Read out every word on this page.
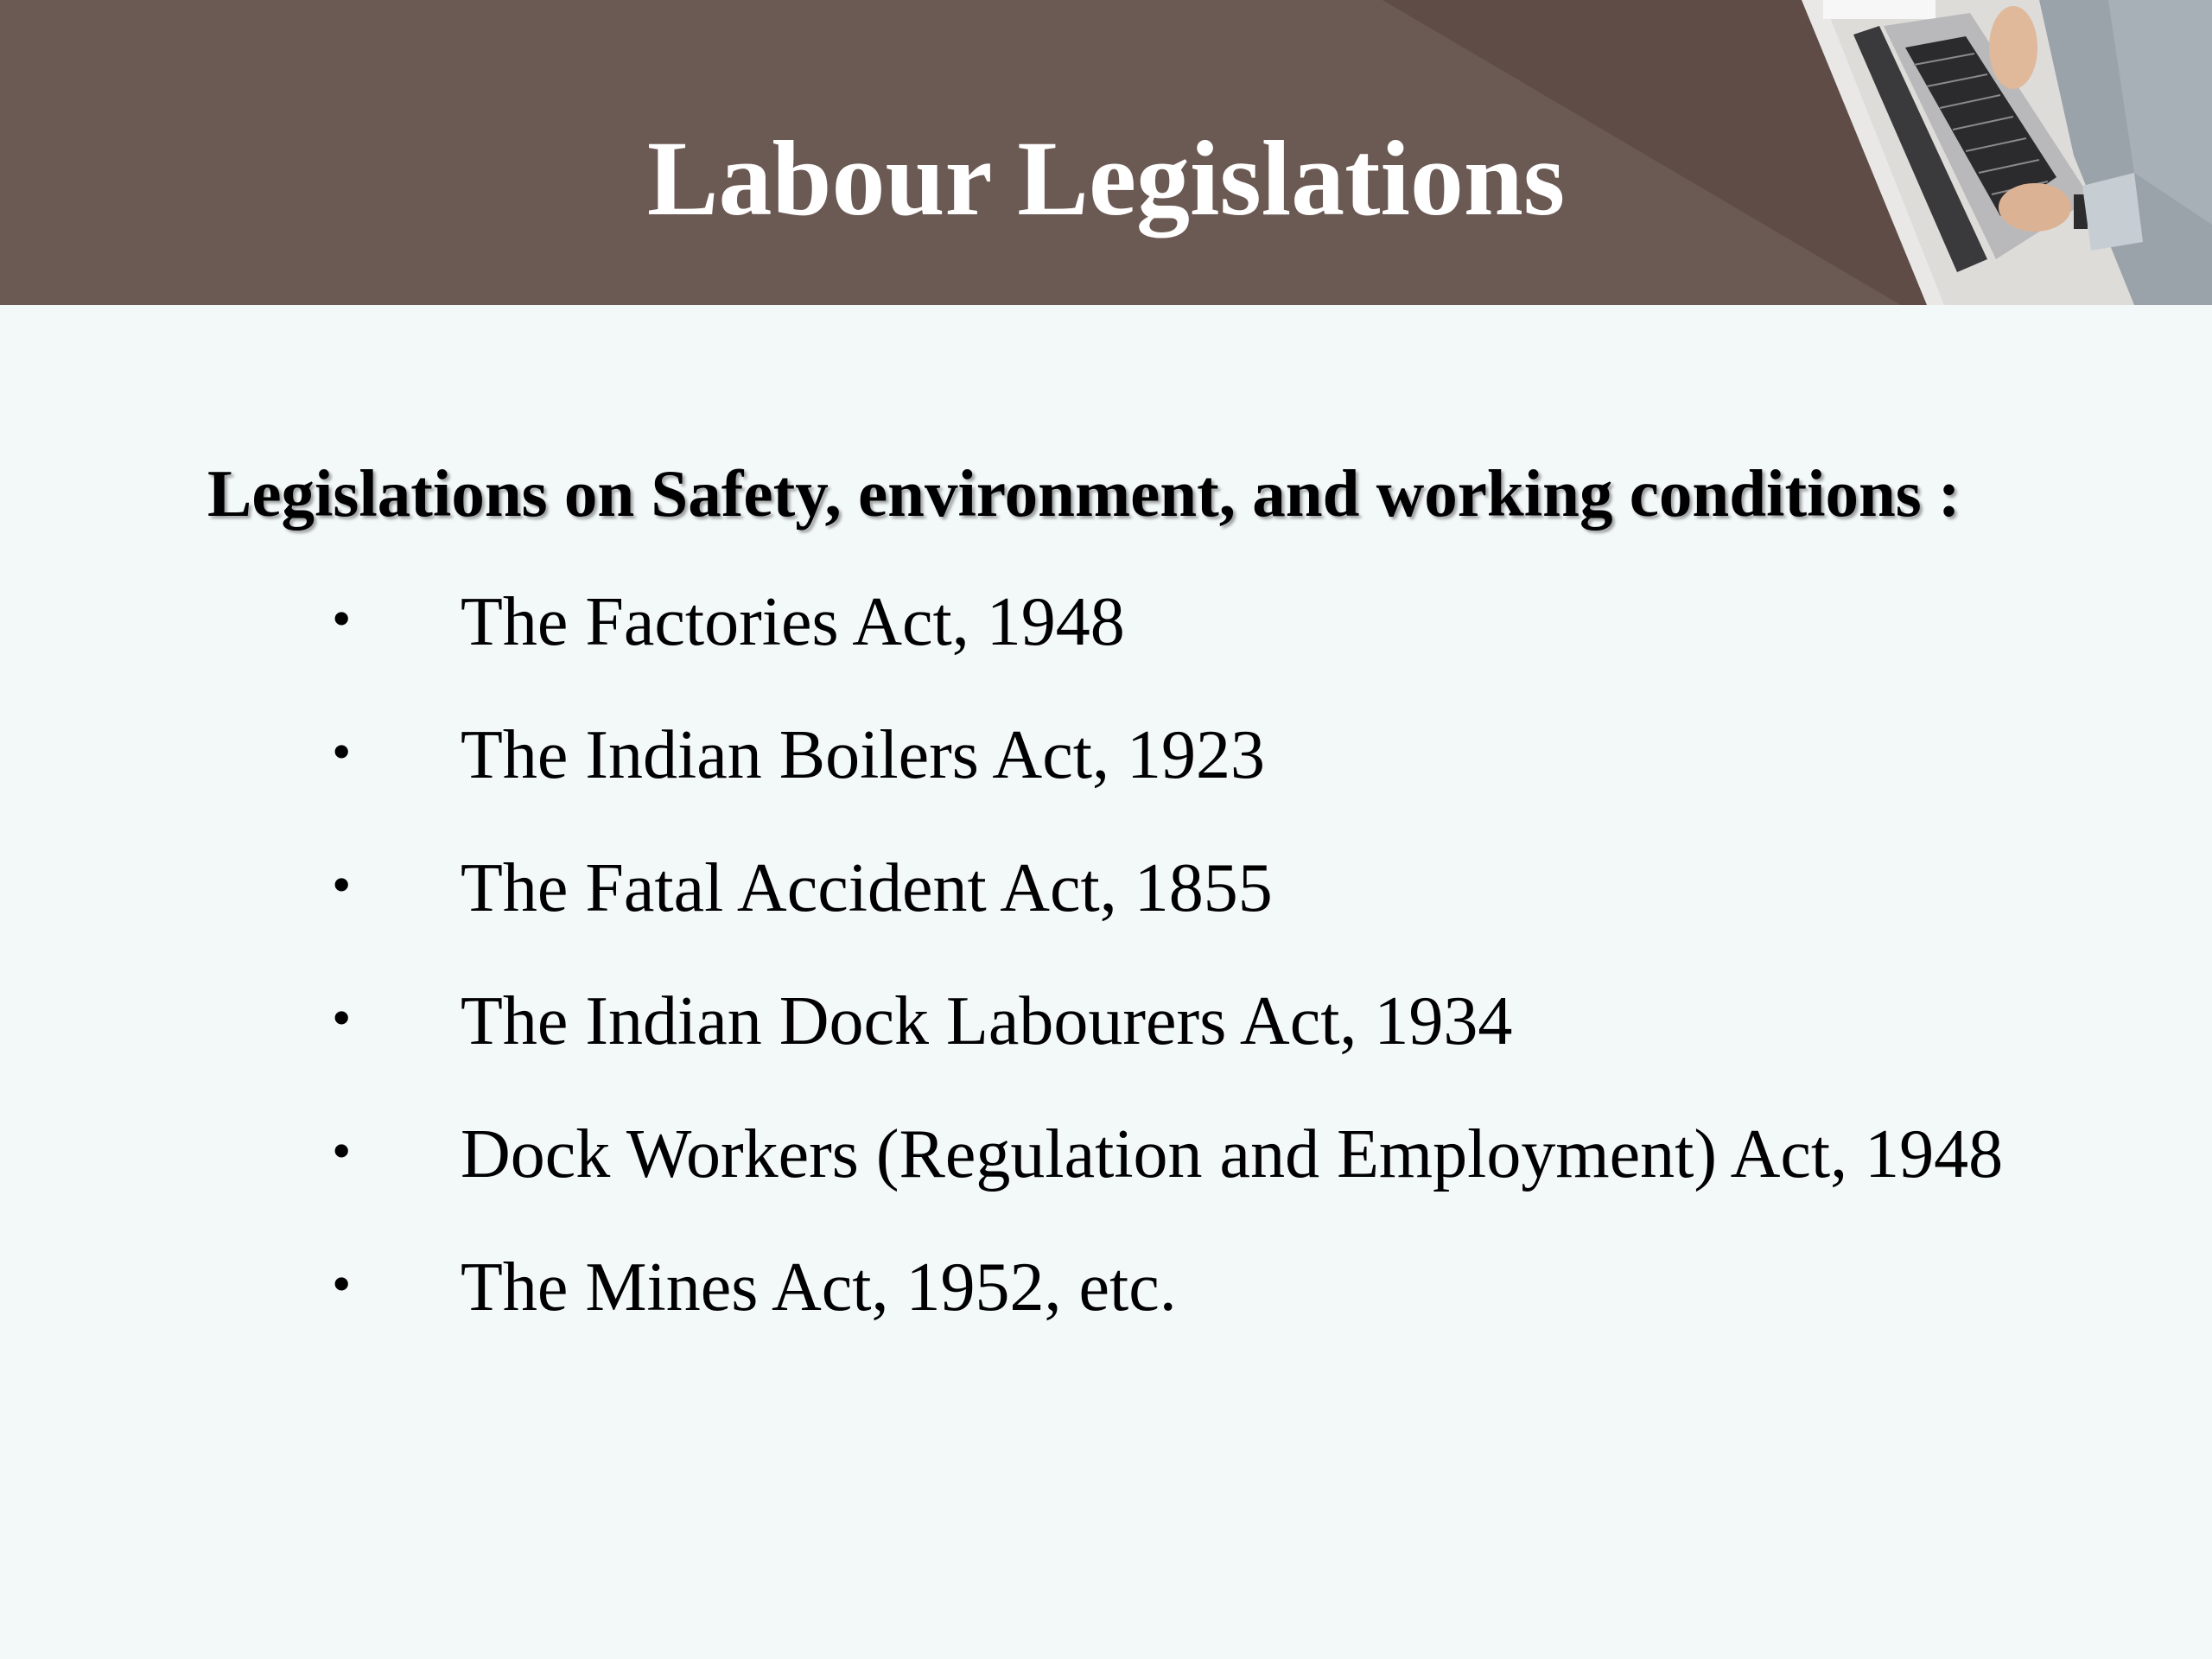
Labour Legislations
Legislations on Safety, environment, and working conditions :
• The Factories Act, 1948
• The Indian Boilers Act, 1923
• The Fatal Accident Act, 1855
• The Indian Dock Labourers Act, 1934
• Dock Workers (Regulation and Employment) Act, 1948
• The Mines Act, 1952, etc.
